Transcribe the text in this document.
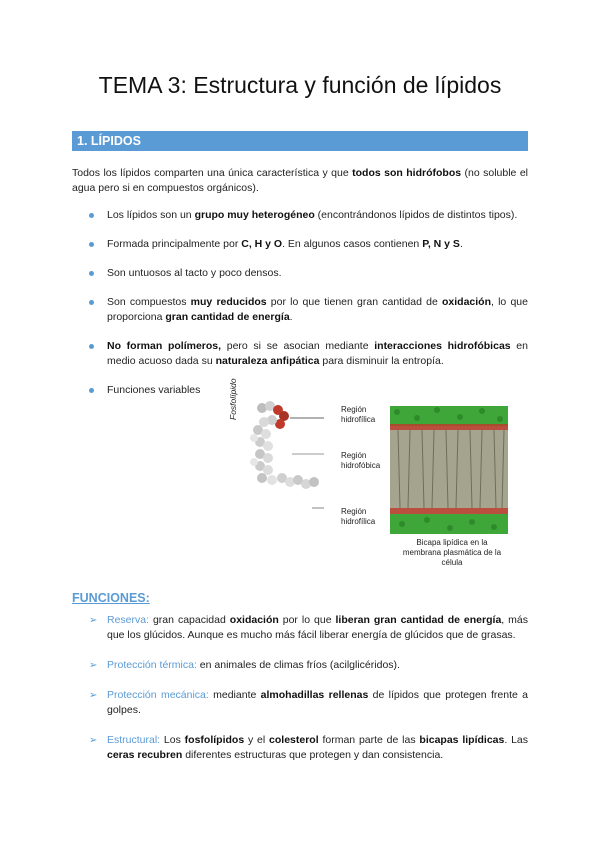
TEMA 3: Estructura y función de lípidos
1. LÍPIDOS

Todos los lípidos comparten una única característica y que todos son hidrófobos (no soluble el agua pero si en compuestos orgánicos).

Los lípidos son un grupo muy heterogéneo (encontrándonos lípidos de distintos tipos).
Formada principalmente por C, H y O. En algunos casos contienen P, N y S.
Son untuosos al tacto y poco densos.
Son compuestos muy reducidos por lo que tienen gran cantidad de oxidación, lo que proporciona gran cantidad de energía.
No forman polímeros, pero si se asocian mediante interacciones hidrofóbicas en medio acuoso dada su naturaleza anfipática para disminuir la entropía.
Funciones variables	Fosfolípido	Región
hidrofílica
Región
hidrofóbica
Región
hidrofílica
Bicapa lipídica en la
membrana plasmática de la
célula
FUNCIONES:
➢ Reserva: gran capacidad oxidación por lo que liberan gran cantidad de energía, más que los glúcidos. Aunque es mucho más fácil liberar energía de glúcidos que de grasas.
➢ Protección térmica: en animales de climas fríos (acilglicéridos).
➢ Protección mecánica: mediante almohadillas rellenas de lípidos que protegen frente a golpes.
➢ Estructural: Los fosfolípidos y el colesterol forman parte de las bicapas lipídicas. Las ceras recubren diferentes estructuras que protegen y dan consistencia.
